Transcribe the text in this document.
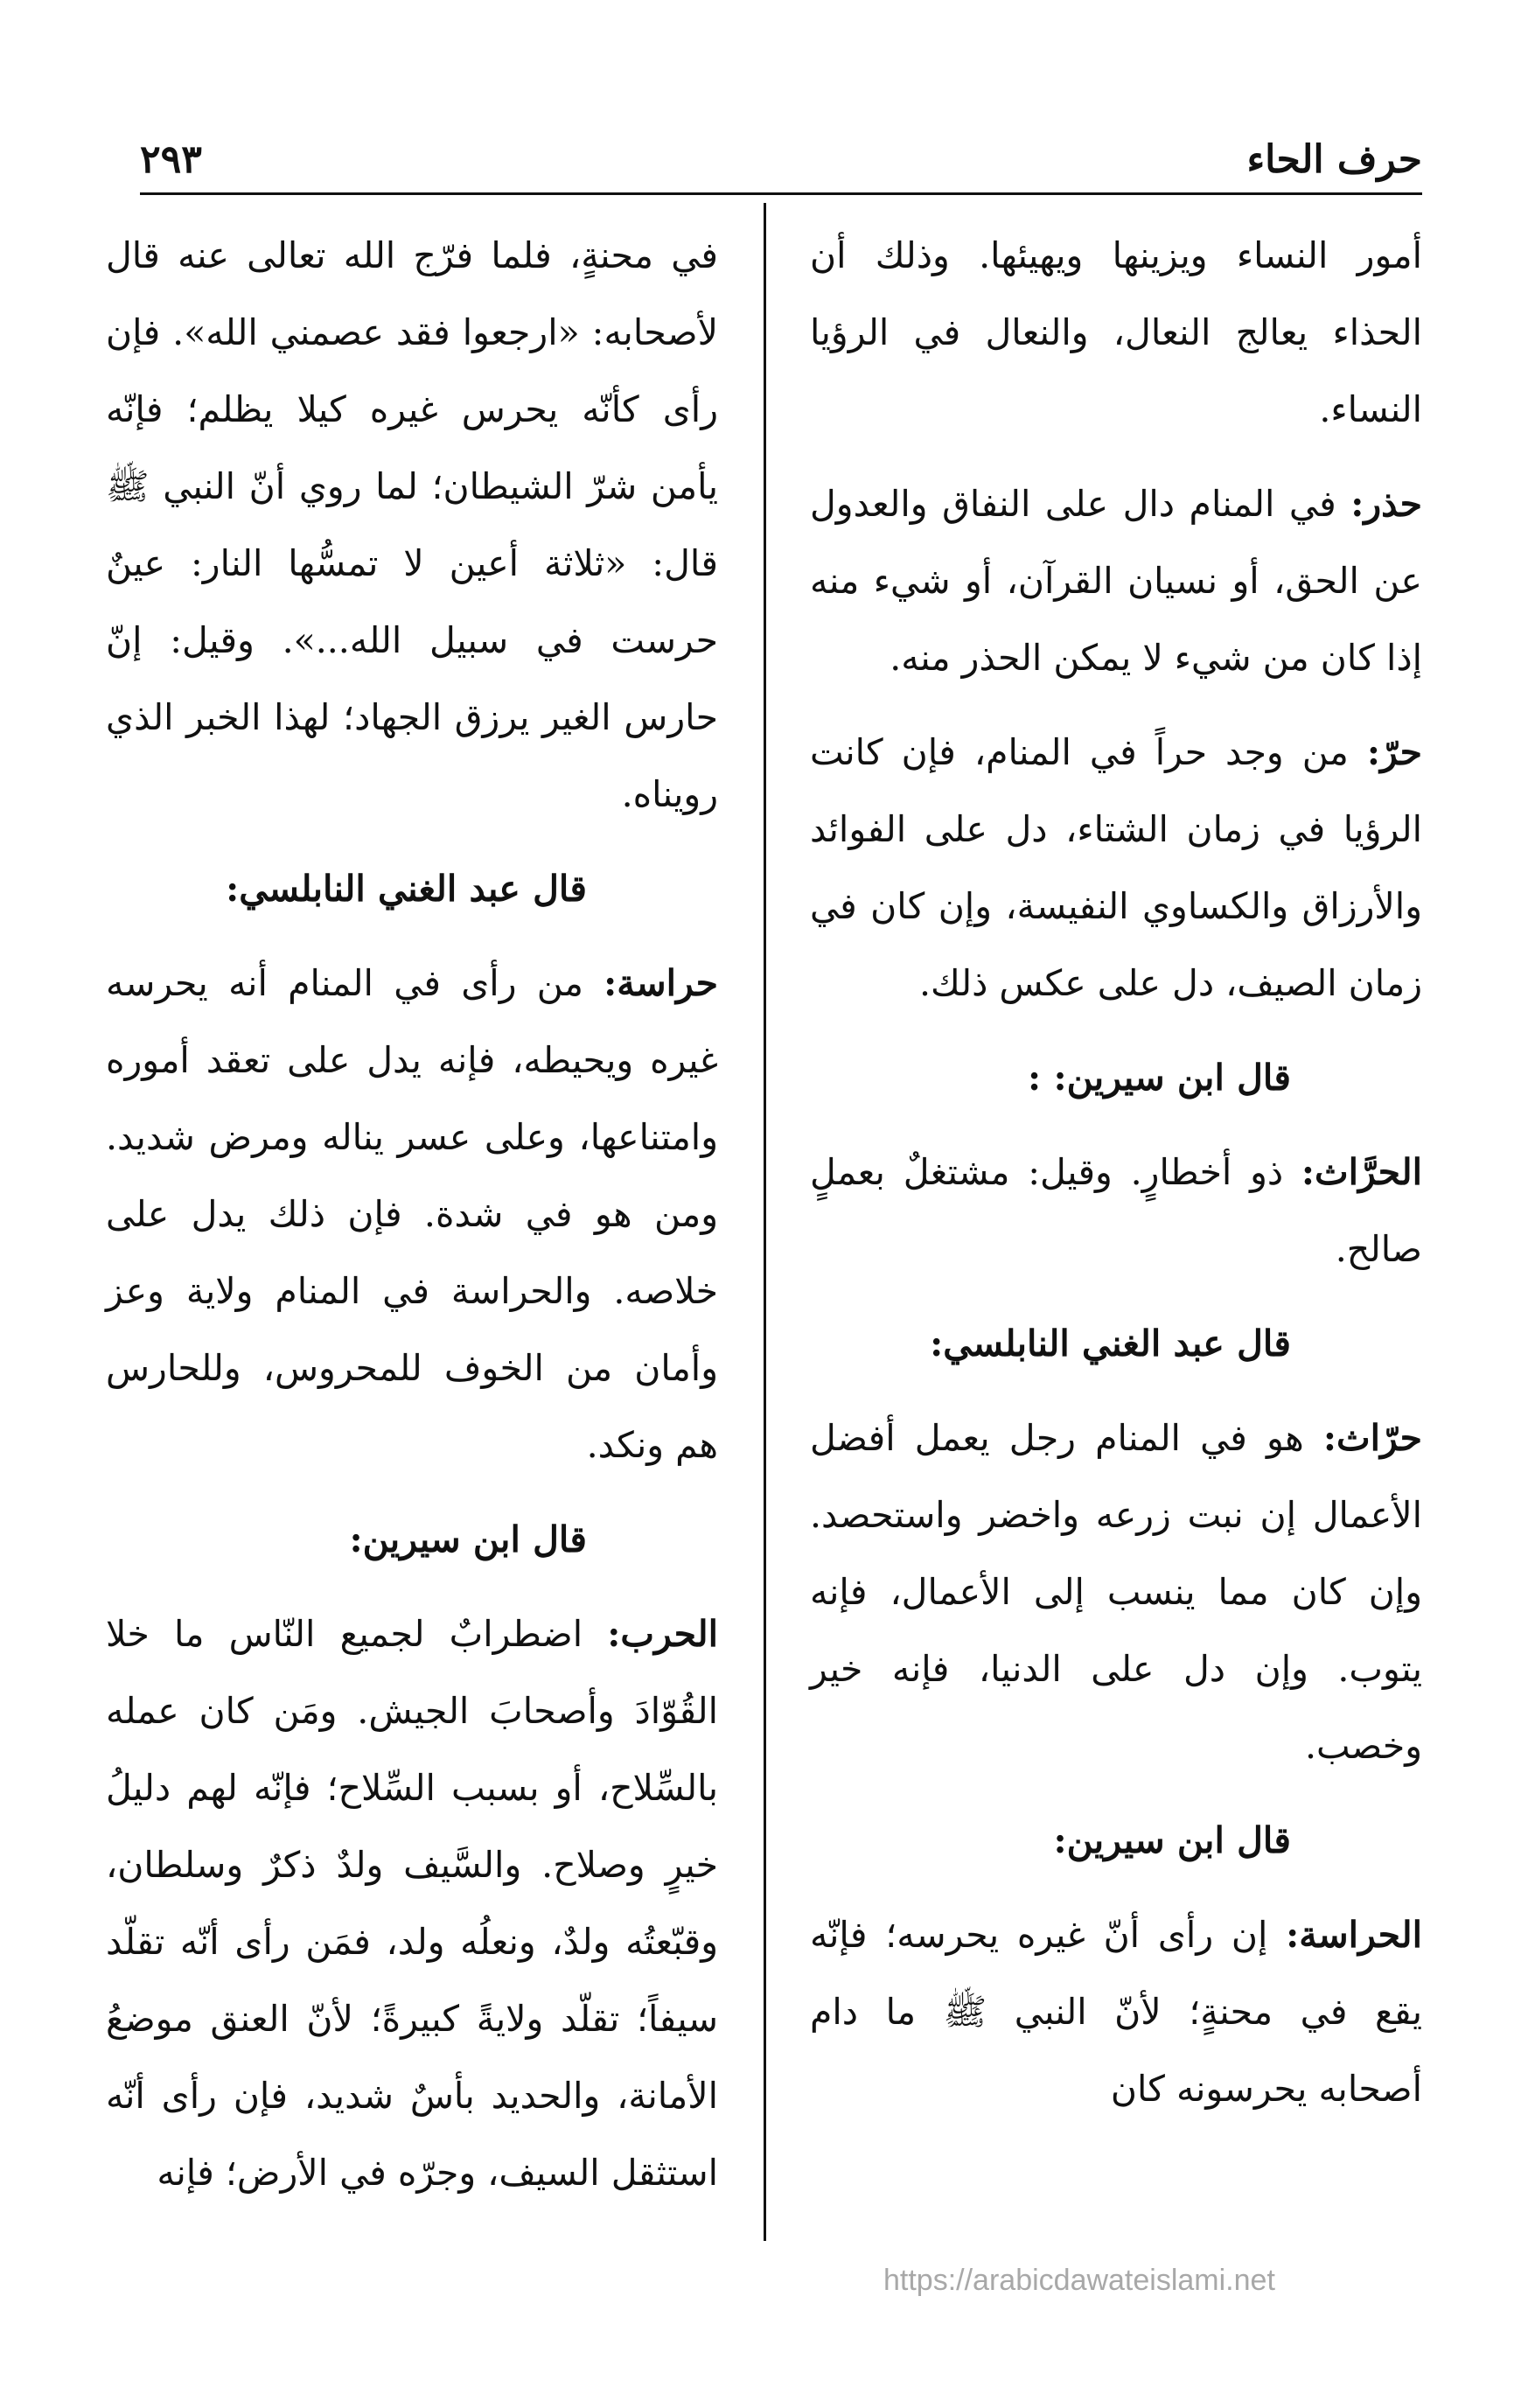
حرف الحاء
٢٩٣

أمور النساء ويزينها ويهيئها. وذلك أن الحذاء يعالج النعال، والنعال في الرؤيا النساء.

حذر: في المنام دال على النفاق والعدول عن الحق، أو نسيان القرآن، أو شيء منه إذا كان من شيء لا يمكن الحذر منه.

حرّ: من وجد حراً في المنام، فإن كانت الرؤيا في زمان الشتاء، دل على الفوائد والأرزاق والكساوي النفيسة، وإن كان في زمان الصيف، دل على عكس ذلك.

قال ابن سيرين: :

الحرَّاث: ذو أخطارٍ. وقيل: مشتغلٌ بعملٍ صالح.

قال عبد الغني النابلسي:

حرّاث: هو في المنام رجل يعمل أفضل الأعمال إن نبت زرعه واخضر واستحصد. وإن كان مما ينسب إلى الأعمال، فإنه يتوب. وإن دل على الدنيا، فإنه خير وخصب.

قال ابن سيرين:

الحراسة: إن رأى أنّ غيره يحرسه؛ فإنّه يقع في محنةٍ؛ لأنّ النبي ﷺ ما دام أصحابه يحرسونه كان

في محنةٍ، فلما فرّج الله تعالى عنه قال لأصحابه: «ارجعوا فقد عصمني الله». فإن رأى كأنّه يحرس غيره كيلا يظلم؛ فإنّه يأمن شرّ الشيطان؛ لما روي أنّ النبي ﷺ قال: «ثلاثة أعين لا تمسُّها النار: عينٌ حرست في سبيل الله...». وقيل: إنّ حارس الغير يرزق الجهاد؛ لهذا الخبر الذي رويناه.

قال عبد الغني النابلسي:

حراسة: من رأى في المنام أنه يحرسه غيره ويحيطه، فإنه يدل على تعقد أموره وامتناعها، وعلى عسر يناله ومرض شديد. ومن هو في شدة. فإن ذلك يدل على خلاصه. والحراسة في المنام ولاية وعز وأمان من الخوف للمحروس، وللحارس هم ونكد.

قال ابن سيرين:

الحرب: اضطرابٌ لجميع النّاس ما خلا القُوّادَ وأصحابَ الجيش. ومَن كان عمله بالسِّلاح، أو بسبب السِّلاح؛ فإنّه لهم دليلُ خيرٍ وصلاح. والسَّيف ولدٌ ذكرٌ وسلطان، وقبّعتُه ولدٌ، ونعلُه ولد، فمَن رأى أنّه تقلّد سيفاً؛ تقلّد ولايةً كبيرةً؛ لأنّ العنق موضعُ الأمانة، والحديد بأسٌ شديد، فإن رأى أنّه استثقل السيف، وجرّه في الأرض؛ فإنه

https://arabicdawateislami.net
